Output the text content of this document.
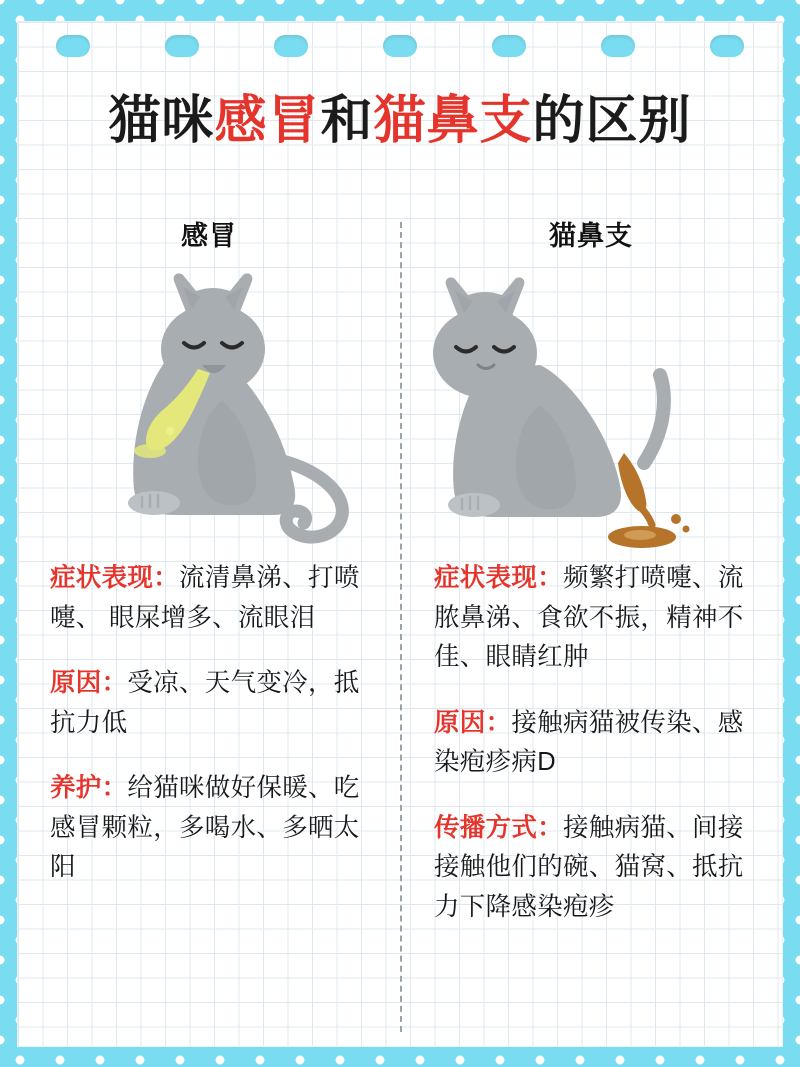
猫咪感冒和猫鼻支的区别
感冒
症状表现：流清鼻涕、打喷嚏、 眼屎增多、流眼泪
原因：受凉、天气变冷，抵抗力低
养护：给猫咪做好保暖、吃感冒颗粒，多喝水、多晒太阳
猫鼻支
症状表现：频繁打喷嚏、流脓鼻涕、食欲不振，精神不佳、眼睛红肿
原因：接触病猫被传染、感染疱疹病D
传播方式：接触病猫、间接接触他们的碗、猫窝、抵抗力下降感染疱疹
